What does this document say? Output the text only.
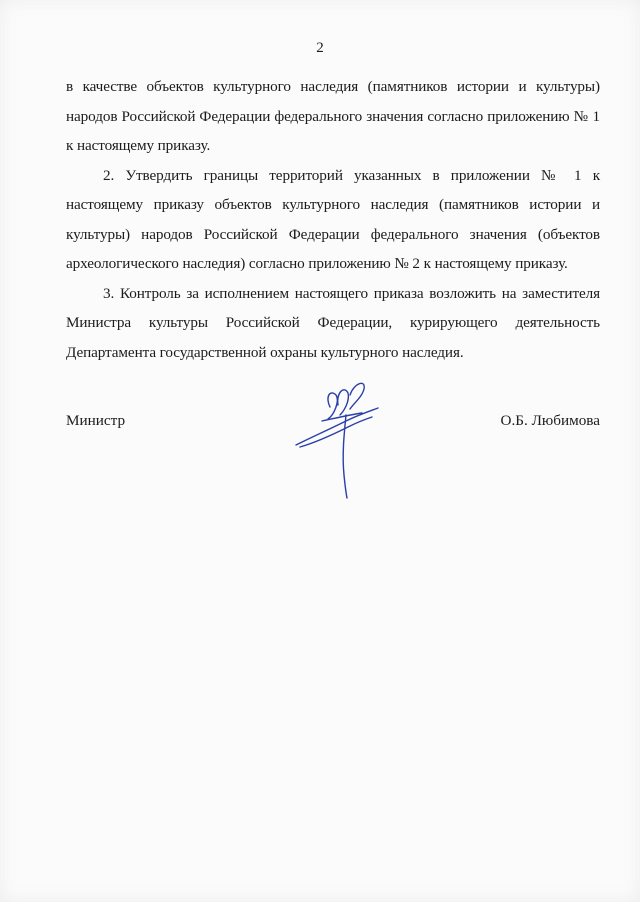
2

в качестве объектов культурного наследия (памятников истории и культуры) народов Российской Федерации федерального значения согласно приложению № 1 к настоящему приказу.

2. Утвердить границы территорий указанных в приложении № 1 к настоящему приказу объектов культурного наследия (памятников истории и культуры) народов Российской Федерации федерального значения (объектов археологического наследия) согласно приложению № 2 к настоящему приказу.

3. Контроль за исполнением настоящего приказа возложить на заместителя Министра культуры Российской Федерации, курирующего деятельность Департамента государственной охраны культурного наследия.

Министр	О.Б. Любимова
